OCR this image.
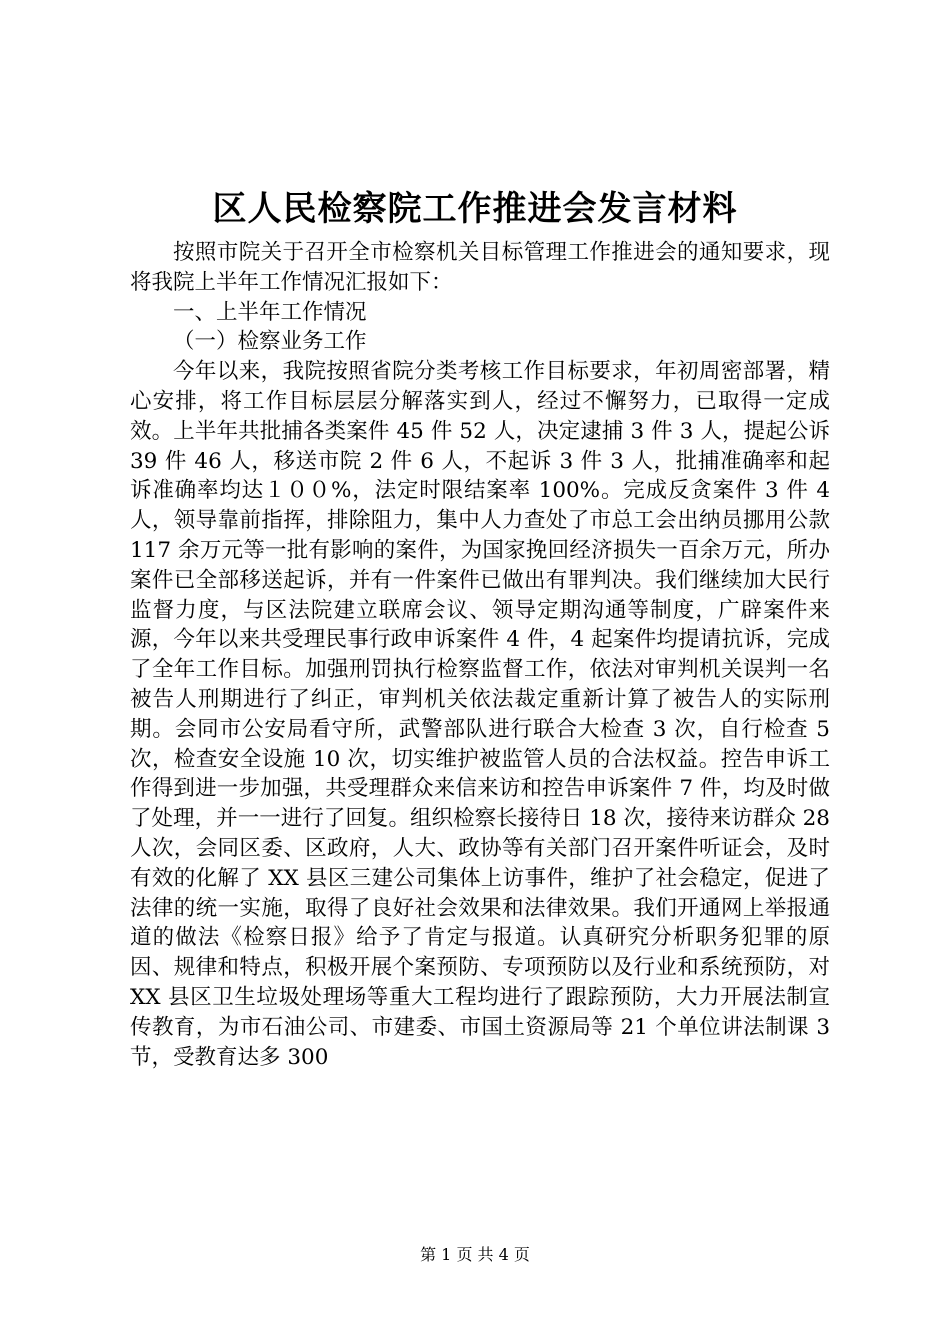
区人民检察院工作推进会发言材料

按照市院关于召开全市检察机关目标管理工作推进会的通知要求，现将我院上半年工作情况汇报如下：

一、上半年工作情况

（一）检察业务工作

今年以来，我院按照省院分类考核工作目标要求，年初周密部署，精心安排，将工作目标层层分解落实到人，经过不懈努力，已取得一定成效。上半年共批捕各类案件 45 件 52 人，决定逮捕 3 件 3 人，提起公诉 39 件 46 人，移送市院 2 件 6 人，不起诉 3 件 3 人，批捕准确率和起诉准确率均达１００%，法定时限结案率 100%。完成反贪案件 3 件 4 人，领导靠前指挥，排除阻力，集中人力查处了市总工会出纳员挪用公款 117 余万元等一批有影响的案件，为国家挽回经济损失一百余万元，所办案件已全部移送起诉，并有一件案件已做出有罪判决。我们继续加大民行监督力度，与区法院建立联席会议、领导定期沟通等制度，广辟案件来源，今年以来共受理民事行政申诉案件 4 件，4 起案件均提请抗诉，完成了全年工作目标。加强刑罚执行检察监督工作，依法对审判机关误判一名被告人刑期进行了纠正，审判机关依法裁定重新计算了被告人的实际刑期。会同市公安局看守所，武警部队进行联合大检查 3 次，自行检查 5 次，检查安全设施 10 次，切实维护被监管人员的合法权益。控告申诉工作得到进一步加强，共受理群众来信来访和控告申诉案件 7 件，均及时做了处理，并一一进行了回复。组织检察长接待日 18 次，接待来访群众 28 人次，会同区委、区政府，人大、政协等有关部门召开案件听证会，及时有效的化解了 XX 县区三建公司集体上访事件，维护了社会稳定，促进了法律的统一实施，取得了良好社会效果和法律效果。我们开通网上举报通道的做法《检察日报》给予了肯定与报道。认真研究分析职务犯罪的原因、规律和特点，积极开展个案预防、专项预防以及行业和系统预防，对 XX 县区卫生垃圾处理场等重大工程均进行了跟踪预防，大力开展法制宣传教育，为市石油公司、市建委、市国土资源局等 21 个单位讲法制课 3 节，受教育达多 300

第 1 页 共 4 页
